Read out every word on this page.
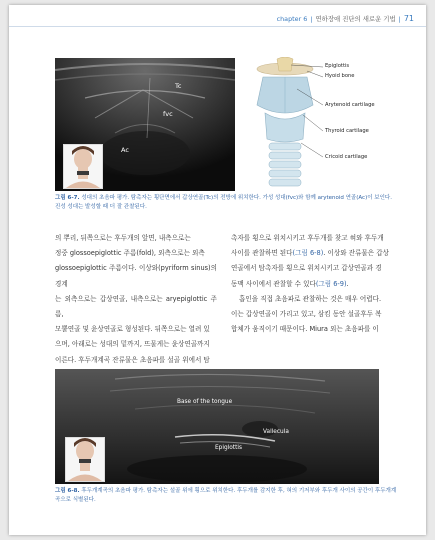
chapter 6 | 연하장애 진단의 새로운 기법 | 71
Tc
fvc
Ac
Epiglottis
Hyoid bone
Arytenoid cartilage
Thyroid cartilage
Cricoid cartilage
그림 6-7. 성대의 초음파 평가. 탐촉자는 횡단면에서 갑상연골(Tc)의 전방에 위치한다. 가성 성대(fvc)와 함께 arytenoid 연골(Ac)이 보인다. 진성 성대는 발성할 때 더 잘 관찰된다.

의 뿌리, 뒤쪽으로는 후두개의 앞면, 내측으로는

정중 glossoepiglottic 주름(fold), 외측으로는 외측

glossoepiglottic 주름이다. 이상와(pyriform sinus)의 경계

는 외측으로는 갑상연골, 내측으로는 aryepiglottic 주름,

모뿔연골 및 윤상연골로 형성된다. 뒤쪽으로는 열려 있

으며, 아래로는 성대의 밑까지, 뜨물게는 윤상연골까지

이른다. 후두개계곡 잔류물은 초음파를 설골 위에서 탐

촉자를 횡으로 위치시키고 후두개를 찾고 혀와 후두개

사이를 관찰하면 된다(그림 6-8). 이상와 잔류물은 갑상

연골에서 탐촉자를 횡으로 위치시키고 갑상연골과 경

동맥 사이에서 관찰할 수 있다(그림 6-9).

흡인을 직접 초음파로 관찰하는 것은 매우 어렵다.

이는 갑상연골이 가리고 있고, 삼킴 동안 설골후두 복

합체가 움직이기 때문이다. Miura 외는 초음파를 이

Base of the tongue
Vallecula
Epiglottis
그림 6-8. 후두개계곡의 초음파 평가. 탐촉자는 설골 위에 횡으로 위치한다. 후두개를 감지한 후, 혀의 기저부와 후두개 사이의 공간이 후두개계곡으로 식별된다.
